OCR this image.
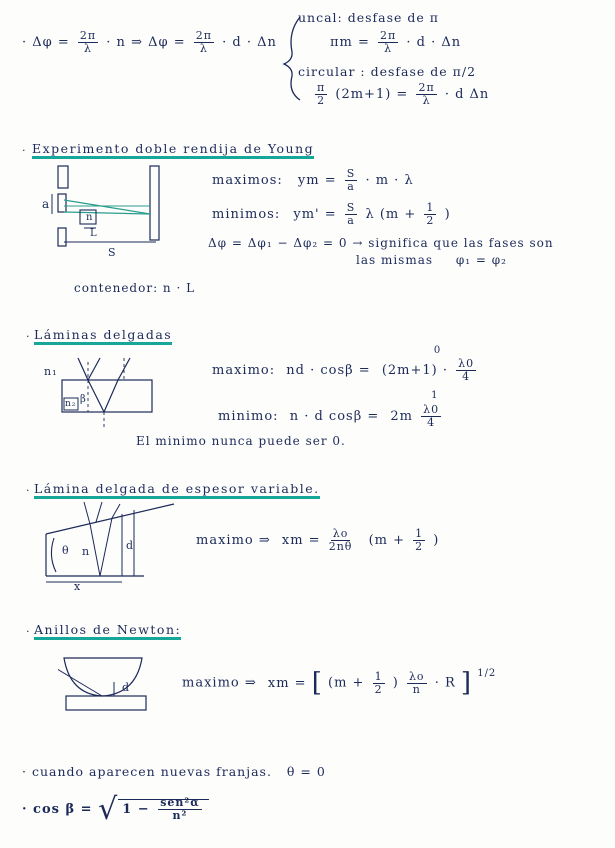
· $\Delta\varphi = \frac{2\pi}{\lambda} \cdot n$ ⇒ $\Delta\varphi = \frac{2\pi}{\lambda} \cdot d \cdot \Delta n$
uncal: desfase de π
$\pi m = \frac{2\pi}{\lambda} \cdot d \cdot \Delta n$
circular : desfase de π/2
$\frac{\pi}{2} (2m+1) = \frac{2\pi}{\lambda} \cdot d$ Δn
· Experimento doble rendija de Young
a
n
L
S
maximos: ym = $\frac{S}{a} \cdot m \cdot \lambda$
minimos: $ym' = \frac{S}{a}$ λ ($m + \frac{1}{2}$ )
Δφ = Δφ₁ − Δφ₂ = 0 → significa que las fases son
las mismas φ₁ = φ₂
contenedor: n · L
· Láminas delgadas
n₁
n₂ β
maximo: nd · cosβ = (2m+1) ·
0

$\frac{\lambda 0}{4}$
minimo: n · d cosβ = 2m
1
λ0
4
El minimo nunca puede ser 0.
· Lámina delgada de espesor variable.
θ n	d
x
maximo ⇒ xm = $\frac{\lambda o}{2n\theta} (m + \frac{1}{2}$ )
· Anillos de Newton:
d	maximo ⇒ xm = [ ($m + \frac{1}{2}$ ) $\frac{\lambda o}{n} \cdot R$ ] $^{1/2}$
· cuando aparecen nuevas franjas. θ = 0
· cos β = √ $1 - \frac{\text{sen²α}}{\text{n²}}$
